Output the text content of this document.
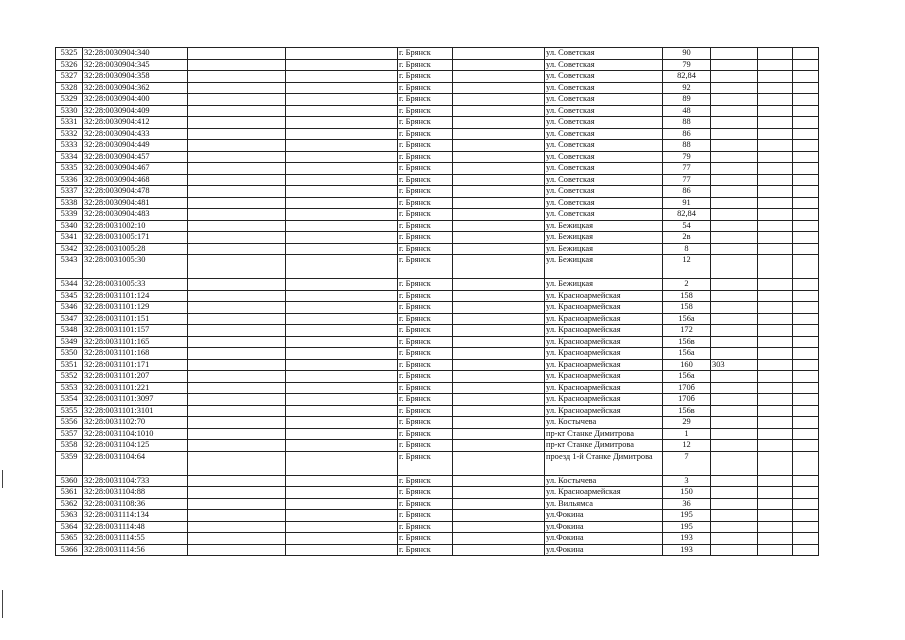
5325	32:28:0030904:340			г. Брянск		ул. Советская	90			
5326	32:28:0030904:345			г. Брянск		ул. Советская	79			
5327	32:28:0030904:358			г. Брянск		ул. Советская	82,84			
5328	32:28:0030904:362			г. Брянск		ул. Советская	92			
5329	32:28:0030904:400			г. Брянск		ул. Советская	89			
5330	32:28:0030904:409			г. Брянск		ул. Советская	48			
5331	32:28:0030904:412			г. Брянск		ул. Советская	88			
5332	32:28:0030904:433			г. Брянск		ул. Советская	86			
5333	32:28:0030904:449			г. Брянск		ул. Советская	88			
5334	32:28:0030904:457			г. Брянск		ул. Советская	79			
5335	32:28:0030904:467			г. Брянск		ул. Советская	77			
5336	32:28:0030904:468			г. Брянск		ул. Советская	77			
5337	32:28:0030904:478			г. Брянск		ул. Советская	86			
5338	32:28:0030904:481			г. Брянск		ул. Советская	91			
5339	32:28:0030904:483			г. Брянск		ул. Советская	82,84			
5340	32:28:0031002:10			г. Брянск		ул. Бежицкая	54			
5341	32:28:0031005:171			г. Брянск		ул. Бежицкая	2в			
5342	32:28:0031005:28			г. Брянск		ул. Бежицкая	8			
5343	32:28:0031005:30			г. Брянск		ул. Бежицкая	12			
5344	32:28:0031005:33			г. Брянск		ул. Бежицкая	2			
5345	32:28:0031101:124			г. Брянск		ул. Красноармейская	158			
5346	32:28:0031101:129			г. Брянск		ул. Красноармейская	158			
5347	32:28:0031101:151			г. Брянск		ул. Красноармейская	156а			
5348	32:28:0031101:157			г. Брянск		ул. Красноармейская	172			
5349	32:28:0031101:165			г. Брянск		ул. Красноармейская	156в			
5350	32:28:0031101:168			г. Брянск		ул. Красноармейская	156а			
5351	32:28:0031101:171			г. Брянск		ул. Красноармейская	160	303		
5352	32:28:0031101:207			г. Брянск		ул. Красноармейская	156а			
5353	32:28:0031101:221			г. Брянск		ул. Красноармейская	170б			
5354	32:28:0031101:3097			г. Брянск		ул. Красноармейская	170б			
5355	32:28:0031101:3101			г. Брянск		ул. Красноармейская	156в			
5356	32:28:0031102:70			г. Брянск		ул. Костычева	29			
5357	32:28:0031104:1010			г. Брянск		пр-кт Станке Димитрова	1			
5358	32:28:0031104:125			г. Брянск		пр-кт Станке Димитрова	12			
5359	32:28:0031104:64			г. Брянск		проезд 1-й Станке Димитрова	7			
5360	32:28:0031104:733			г. Брянск		ул. Костычева	3			
5361	32:28:0031104:88			г. Брянск		ул. Красноармейская	150			
5362	32:28:0031108:36			г. Брянск		ул. Вильямса	36			
5363	32:28:0031114:134			г. Брянск		ул.Фокина	195			
5364	32:28:0031114:48			г. Брянск		ул.Фокина	195			
5365	32:28:0031114:55			г. Брянск		ул.Фокина	193			
5366	32:28:0031114:56			г. Брянск		ул.Фокина	193			
